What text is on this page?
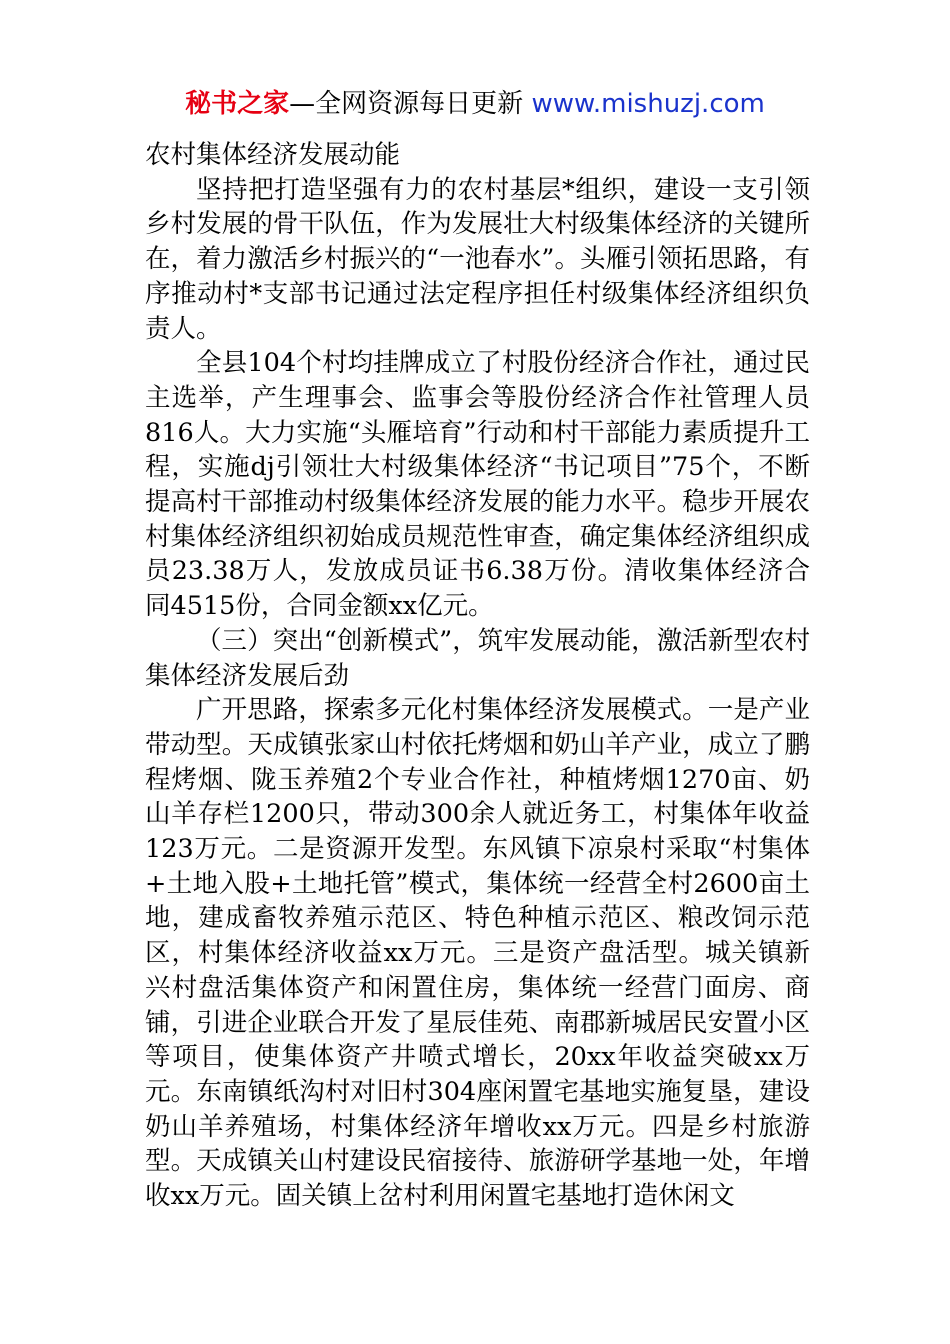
秘书之家—全网资源每日更新 www.mishuzj.com

农村集体经济发展动能

坚持把打造坚强有力的农村基层*组织，建设一支引领乡村发展的骨干队伍，作为发展壮大村级集体经济的关键所在，着力激活乡村振兴的“一池春水”。头雁引领拓思路，有序推动村*支部书记通过法定程序担任村级集体经济组织负责人。

全县104个村均挂牌成立了村股份经济合作社，通过民主选举，产生理事会、监事会等股份经济合作社管理人员816人。大力实施“头雁培育”行动和村干部能力素质提升工程，实施dj引领壮大村级集体经济“书记项目”75个，不断提高村干部推动村级集体经济发展的能力水平。稳步开展农村集体经济组织初始成员规范性审查，确定集体经济组织成员23.38万人，发放成员证书6.38万份。清收集体经济合同4515份，合同金额xx亿元。

（三）突出“创新模式”，筑牢发展动能，激活新型农村集体经济发展后劲

广开思路，探索多元化村集体经济发展模式。一是产业带动型。天成镇张家山村依托烤烟和奶山羊产业，成立了鹏程烤烟、陇玉养殖2个专业合作社，种植烤烟1270亩、奶山羊存栏1200只，带动300余人就近务工，村集体年收益123万元。二是资源开发型。东风镇下凉泉村采取“村集体+土地入股+土地托管”模式，集体统一经营全村2600亩土地，建成畜牧养殖示范区、特色种植示范区、粮改饲示范区，村集体经济收益xx万元。三是资产盘活型。城关镇新兴村盘活集体资产和闲置住房，集体统一经营门面房、商铺，引进企业联合开发了星辰佳苑、南郡新城居民安置小区等项目，使集体资产井喷式增长，20xx年收益突破xx万元。东南镇纸沟村对旧村304座闲置宅基地实施复垦，建设奶山羊养殖场，村集体经济年增收xx万元。四是乡村旅游型。天成镇关山村建设民宿接待、旅游研学基地一处，年增收xx万元。固关镇上岔村利用闲置宅基地打造休闲文
